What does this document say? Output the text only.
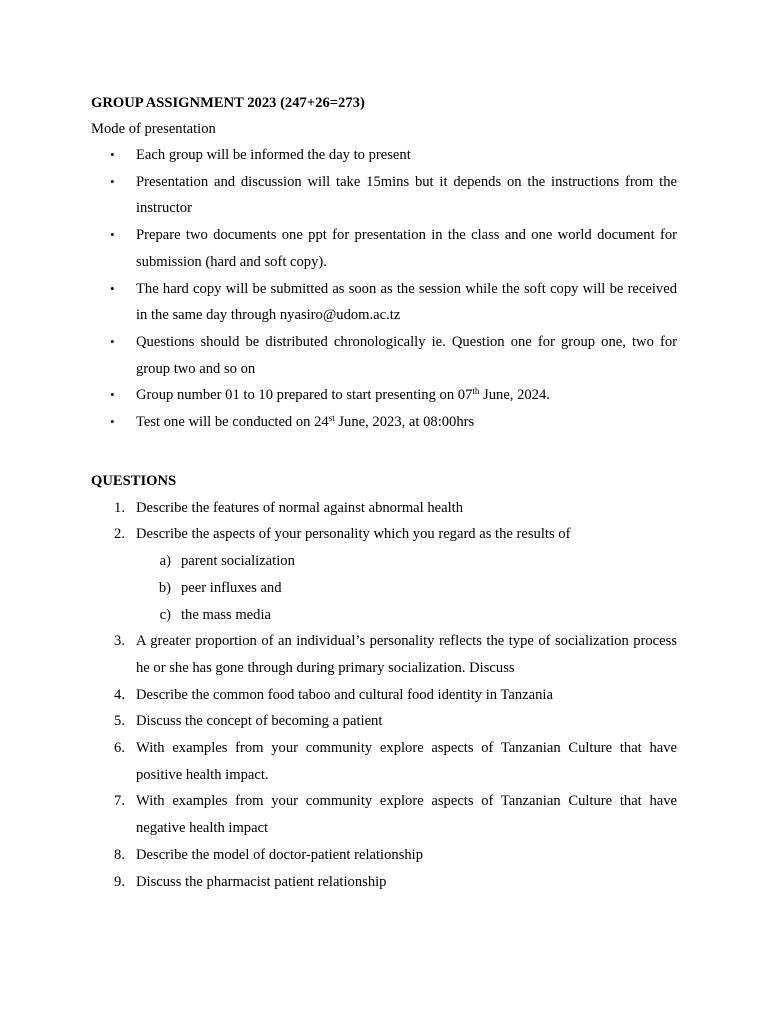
GROUP ASSIGNMENT 2023 (247+26=273)
Mode of presentation
• Each group will be informed the day to present
• Presentation and discussion will take 15mins but it depends on the instructions from the instructor
• Prepare two documents one ppt for presentation in the class and one world document for submission (hard and soft copy).
• The hard copy will be submitted as soon as the session while the soft copy will be received in the same day through nyasiro@udom.ac.tz
• Questions should be distributed chronologically ie. Question one for group one, two for group two and so on
• Group number 01 to 10 prepared to start presenting on 07th June, 2024.
• Test one will be conducted on 24st June, 2023, at 08:00hrs
QUESTIONS
1. Describe the features of normal against abnormal health
2. Describe the aspects of your personality which you regard as the results of
a) parent socialization
b) peer influxes and
c) the mass media
3. A greater proportion of an individual’s personality reflects the type of socialization process he or she has gone through during primary socialization. Discuss
4. Describe the common food taboo and cultural food identity in Tanzania
5. Discuss the concept of becoming a patient
6. With examples from your community explore aspects of Tanzanian Culture that have positive health impact.
7. With examples from your community explore aspects of Tanzanian Culture that have negative health impact
8. Describe the model of doctor-patient relationship
9. Discuss the pharmacist patient relationship
